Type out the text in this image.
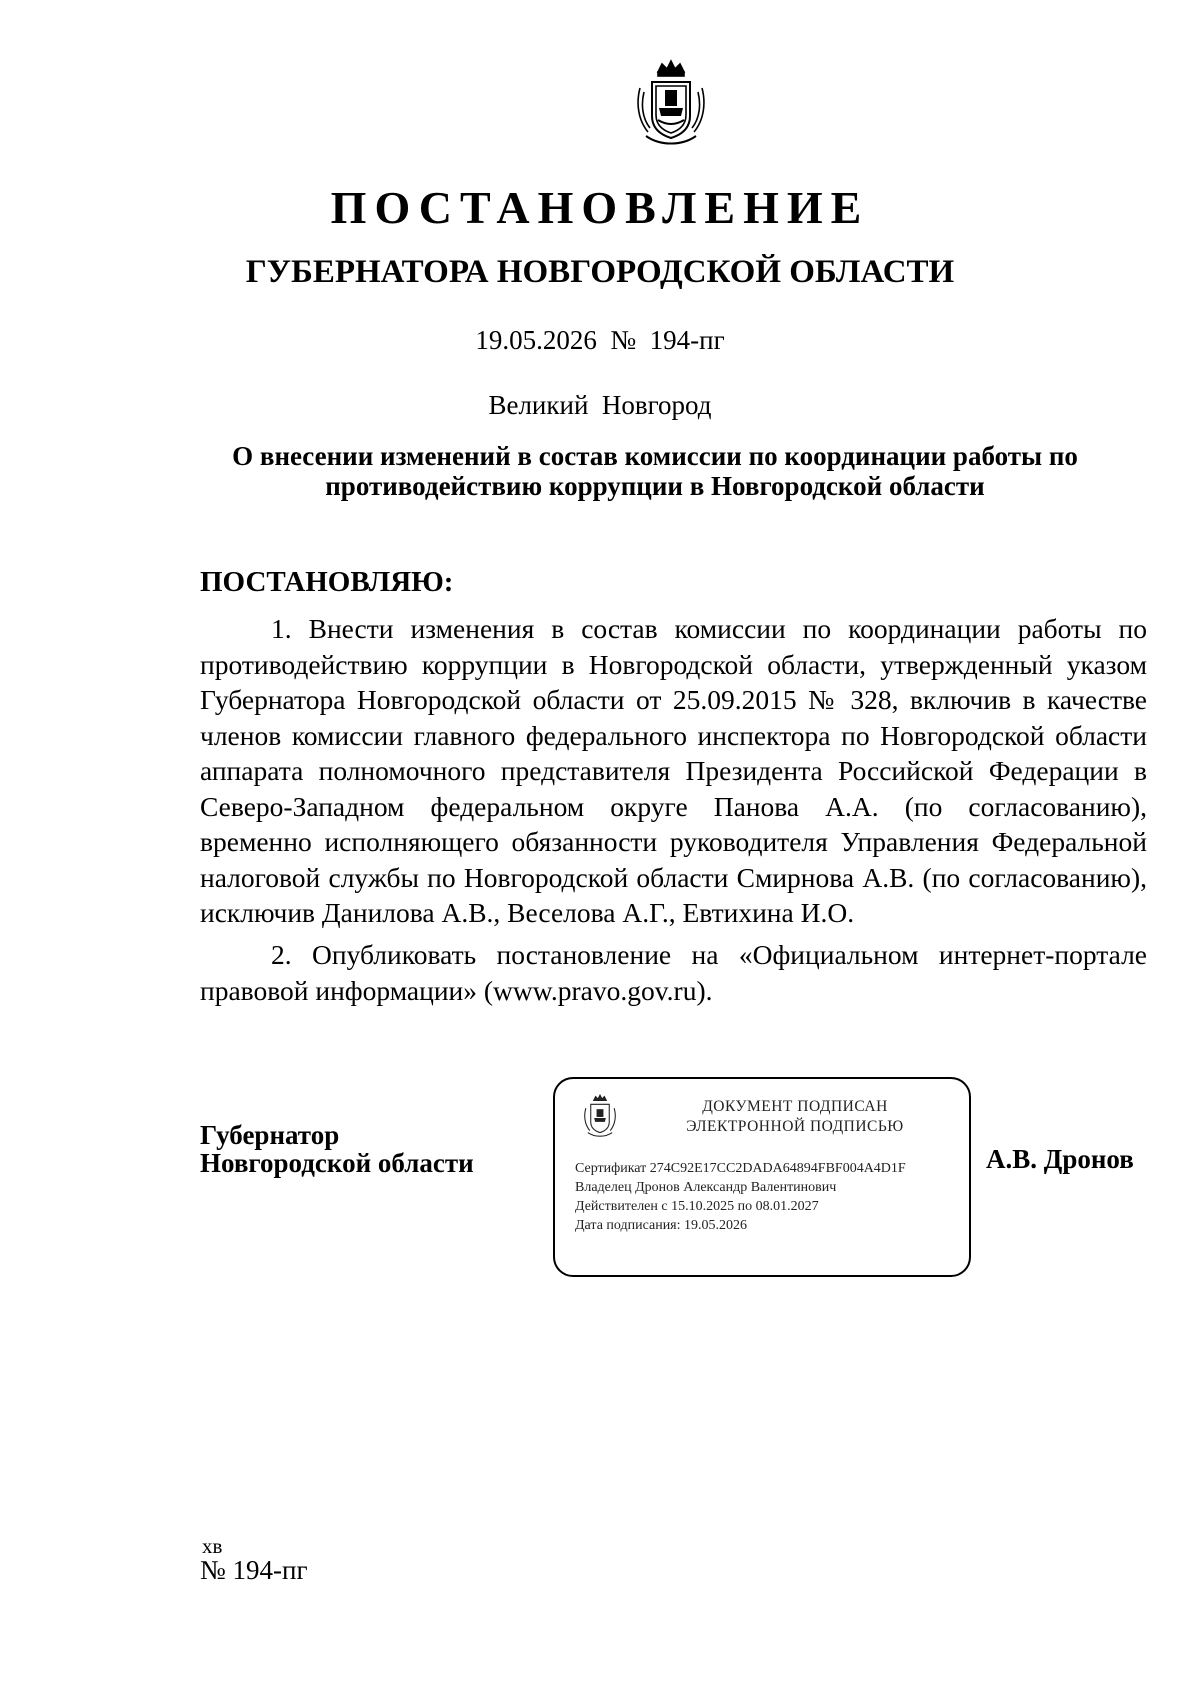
ПОСТАНОВЛЕНИЕ
ГУБЕРНАТОРА НОВГОРОДСКОЙ ОБЛАСТИ
19.05.2026 № 194-пг
Великий  Новгород
О внесении изменений в состав комиссии по координации работы по противодействию коррупции в Новгородской области
ПОСТАНОВЛЯЮ:

1. Внести изменения в состав комиссии по координации работы по противодействию коррупции в Новгородской области, утвержденный указом Губернатора Новгородской области от 25.09.2015 № 328, включив в качестве членов комиссии главного федерального инспектора по Новгородской области аппарата полномочного представителя Президента Российской Федерации в Северо-Западном федеральном округе Панова А.А. (по согласованию), временно исполняющего обязанности руководителя Управления Федеральной налоговой службы по Новгородской области Смирнова А.В. (по согласованию), исключив Данилова А.В., Веселова А.Г., Евтихина И.О.

2. Опубликовать постановление на «Официальном интернет-портале правовой информации» (www.pravo.gov.ru).

Губернатор
Новгородской области
ДОКУМЕНТ ПОДПИСАН
ЭЛЕКТРОННОЙ ПОДПИСЬЮ
Сертификат 274C92E17CC2DADA64894FBF004A4D1F
Владелец Дронов Александр Валентинович
Действителен с 15.10.2025 по 08.01.2027
Дата подписания: 19.05.2026
А.В. Дронов
хв
№ 194-пг
